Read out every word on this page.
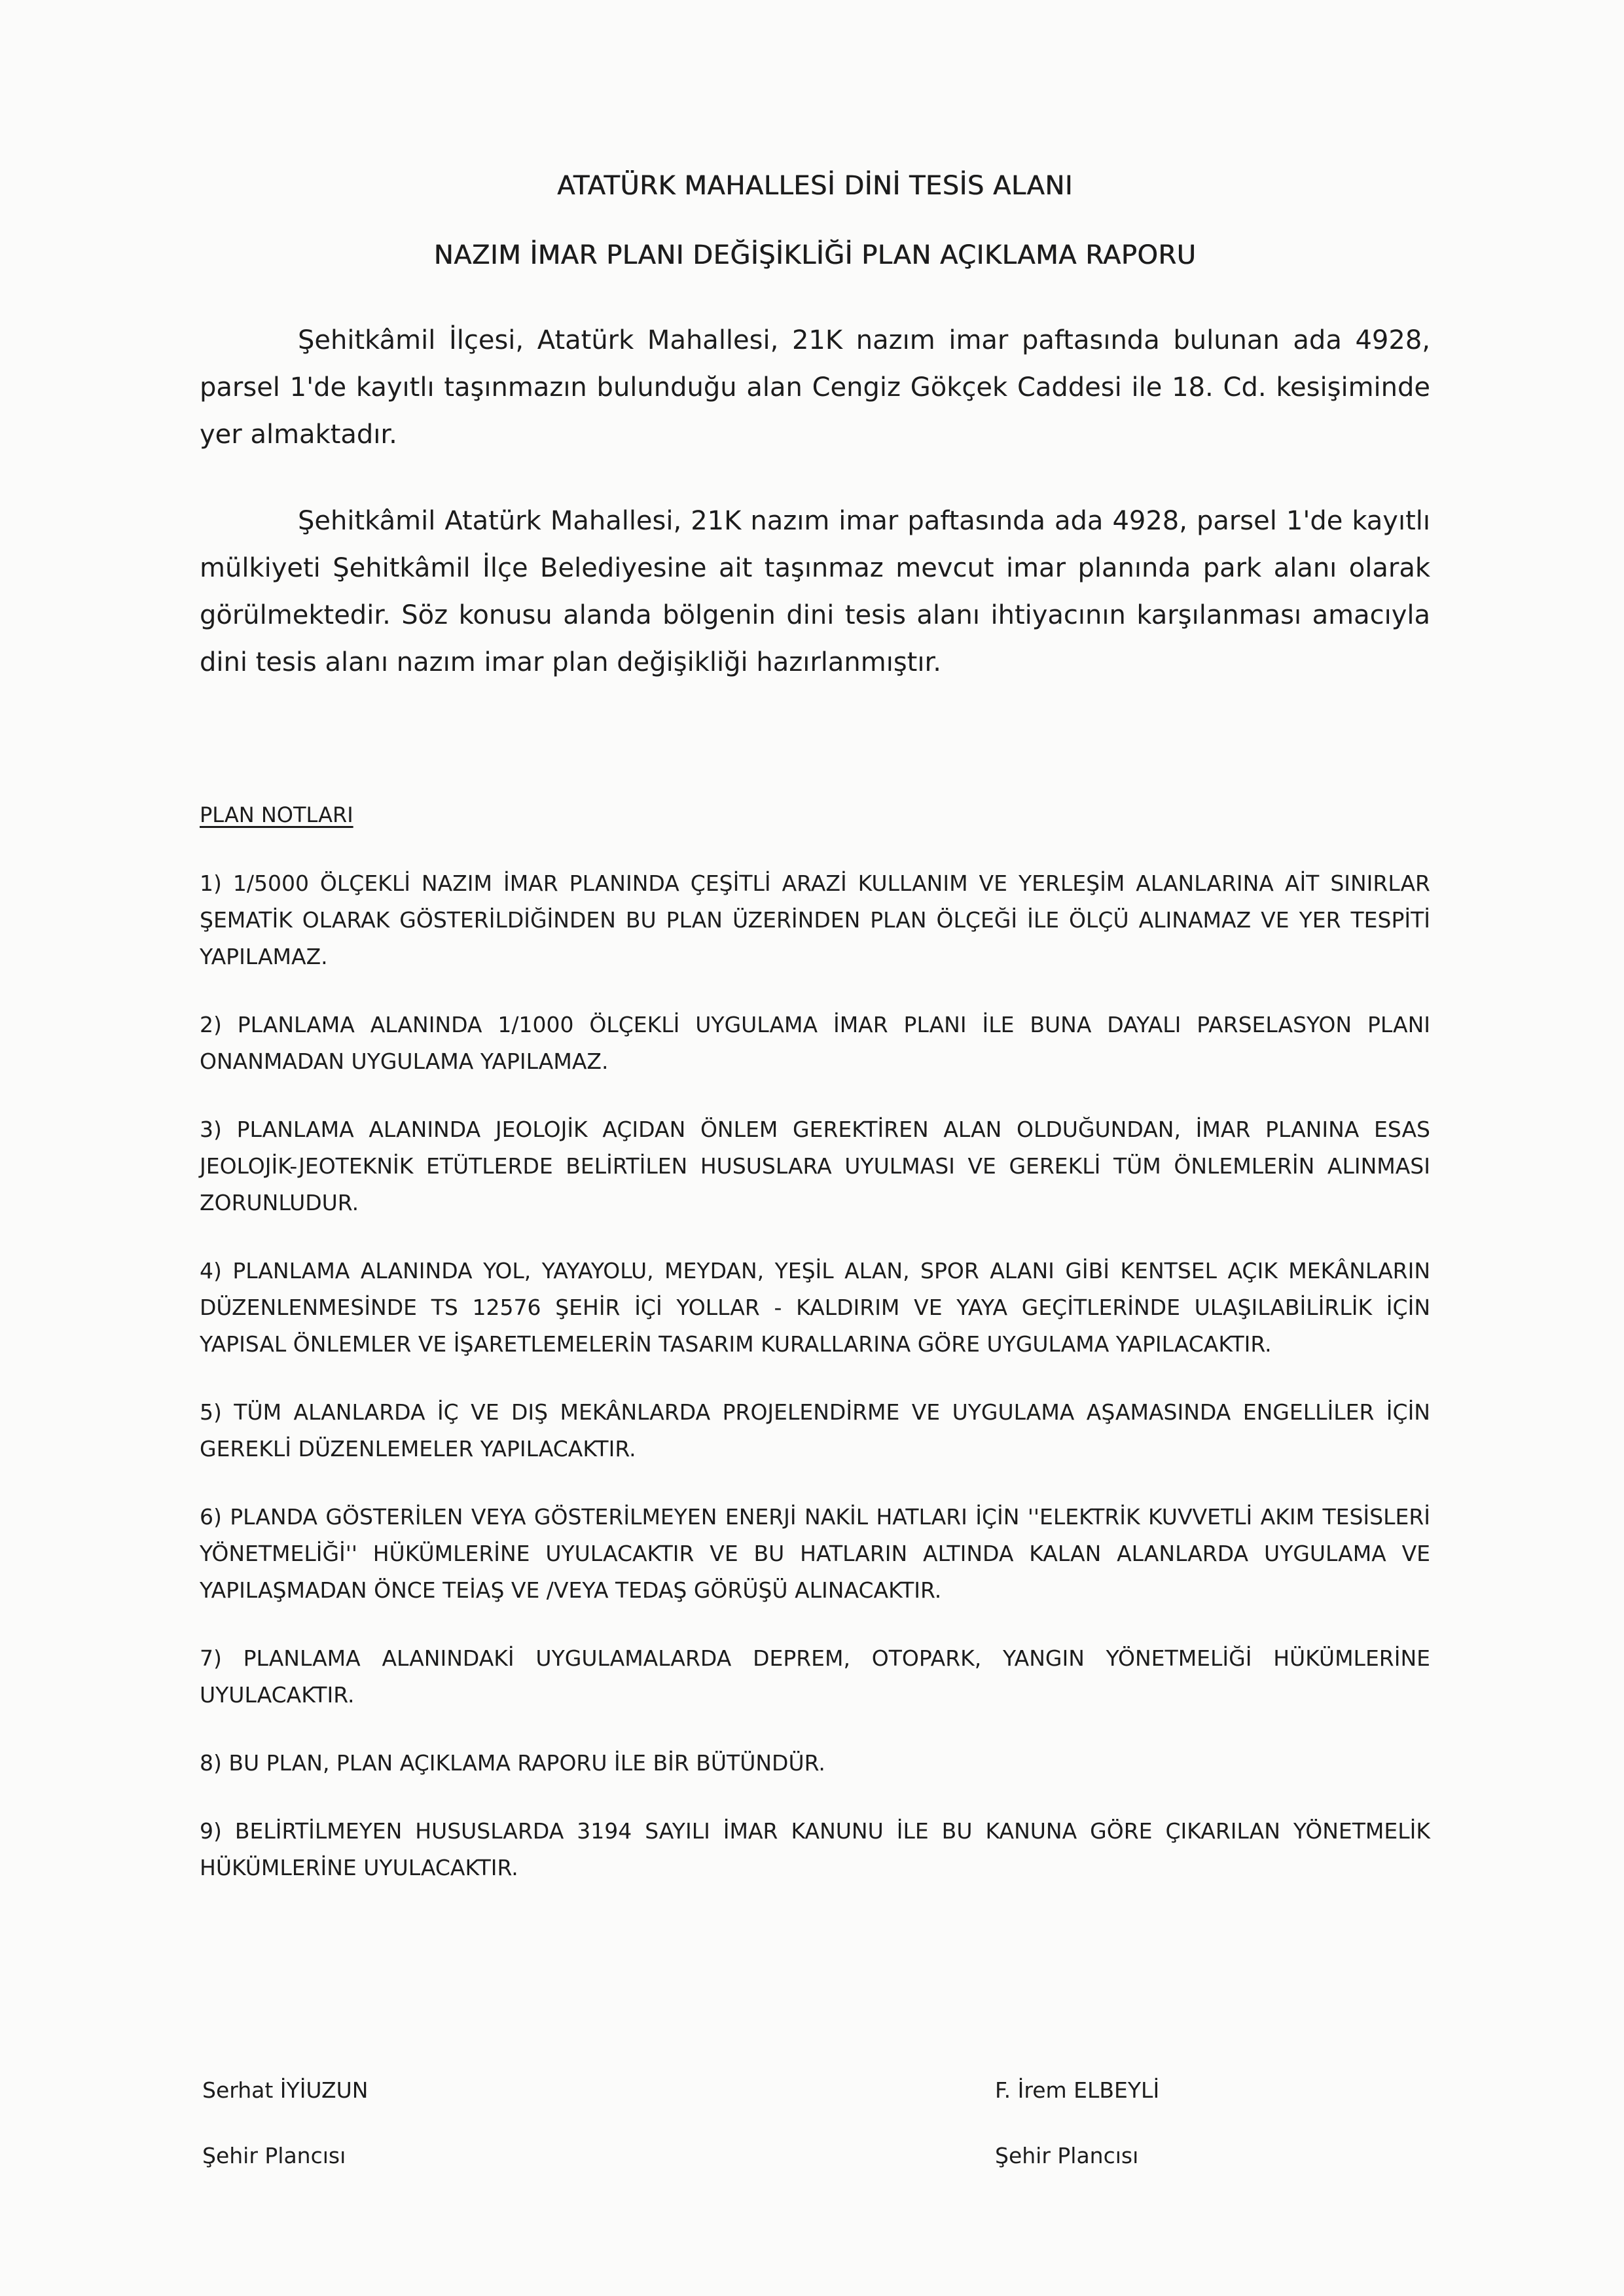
ATATÜRK MAHALLESİ DİNİ TESİS ALANI
NAZIM İMAR PLANI DEĞİŞİKLİĞİ PLAN AÇIKLAMA RAPORU

Şehitkâmil İlçesi, Atatürk Mahallesi, 21K nazım imar paftasında bulunan ada 4928, parsel 1'de kayıtlı taşınmazın bulunduğu alan Cengiz Gökçek Caddesi ile 18. Cd. kesişiminde yer almaktadır.

Şehitkâmil Atatürk Mahallesi, 21K nazım imar paftasında ada 4928, parsel 1'de kayıtlı mülkiyeti Şehitkâmil İlçe Belediyesine ait taşınmaz mevcut imar planında park alanı olarak görülmektedir. Söz konusu alanda bölgenin dini tesis alanı ihtiyacının karşılanması amacıyla dini tesis alanı nazım imar plan değişikliği hazırlanmıştır.

PLAN NOTLARI

1) 1/5000 ÖLÇEKLİ NAZIM İMAR PLANINDA ÇEŞİTLİ ARAZİ KULLANIM VE YERLEŞİM ALANLARINA AİT SINIRLAR ŞEMATİK OLARAK GÖSTERİLDİĞİNDEN BU PLAN ÜZERİNDEN PLAN ÖLÇEĞİ İLE ÖLÇÜ ALINAMAZ VE YER TESPİTİ YAPILAMAZ.

2) PLANLAMA ALANINDA 1/1000 ÖLÇEKLİ UYGULAMA İMAR PLANI İLE BUNA DAYALI PARSELASYON PLANI ONANMADAN UYGULAMA YAPILAMAZ.

3) PLANLAMA ALANINDA JEOLOJİK AÇIDAN ÖNLEM GEREKTİREN ALAN OLDUĞUNDAN, İMAR PLANINA ESAS JEOLOJİK-JEOTEKNİK ETÜTLERDE BELİRTİLEN HUSUSLARA UYULMASI VE GEREKLİ TÜM ÖNLEMLERİN ALINMASI ZORUNLUDUR.

4) PLANLAMA ALANINDA YOL, YAYAYOLU, MEYDAN, YEŞİL ALAN, SPOR ALANI GİBİ KENTSEL AÇIK MEKÂNLARIN DÜZENLENMESİNDE TS 12576 ŞEHİR İÇİ YOLLAR - KALDIRIM VE YAYA GEÇİTLERİNDE ULAŞILABİLİRLİK İÇİN YAPISAL ÖNLEMLER VE İŞARETLEMELERİN TASARIM KURALLARINA GÖRE UYGULAMA YAPILACAKTIR.

5) TÜM ALANLARDA İÇ VE DIŞ MEKÂNLARDA PROJELENDİRME VE UYGULAMA AŞAMASINDA ENGELLİLER İÇİN GEREKLİ DÜZENLEMELER YAPILACAKTIR.

6) PLANDA GÖSTERİLEN VEYA GÖSTERİLMEYEN ENERJİ NAKİL HATLARI İÇİN ''ELEKTRİK KUVVETLİ AKIM TESİSLERİ YÖNETMELİĞİ'' HÜKÜMLERİNE UYULACAKTIR VE BU HATLARIN ALTINDA KALAN ALANLARDA UYGULAMA VE YAPILAŞMADAN ÖNCE TEİAŞ VE /VEYA TEDAŞ GÖRÜŞÜ ALINACAKTIR.

7) PLANLAMA ALANINDAKİ UYGULAMALARDA DEPREM, OTOPARK, YANGIN YÖNETMELİĞİ HÜKÜMLERİNE UYULACAKTIR.

8) BU PLAN, PLAN AÇIKLAMA RAPORU İLE BİR BÜTÜNDÜR.

9) BELİRTİLMEYEN HUSUSLARDA 3194 SAYILI İMAR KANUNU İLE BU KANUNA GÖRE ÇIKARILAN YÖNETMELİK HÜKÜMLERİNE UYULACAKTIR.

Serhat İYİUZUN
Şehir Plancısı
F. İrem ELBEYLİ
Şehir Plancısı
